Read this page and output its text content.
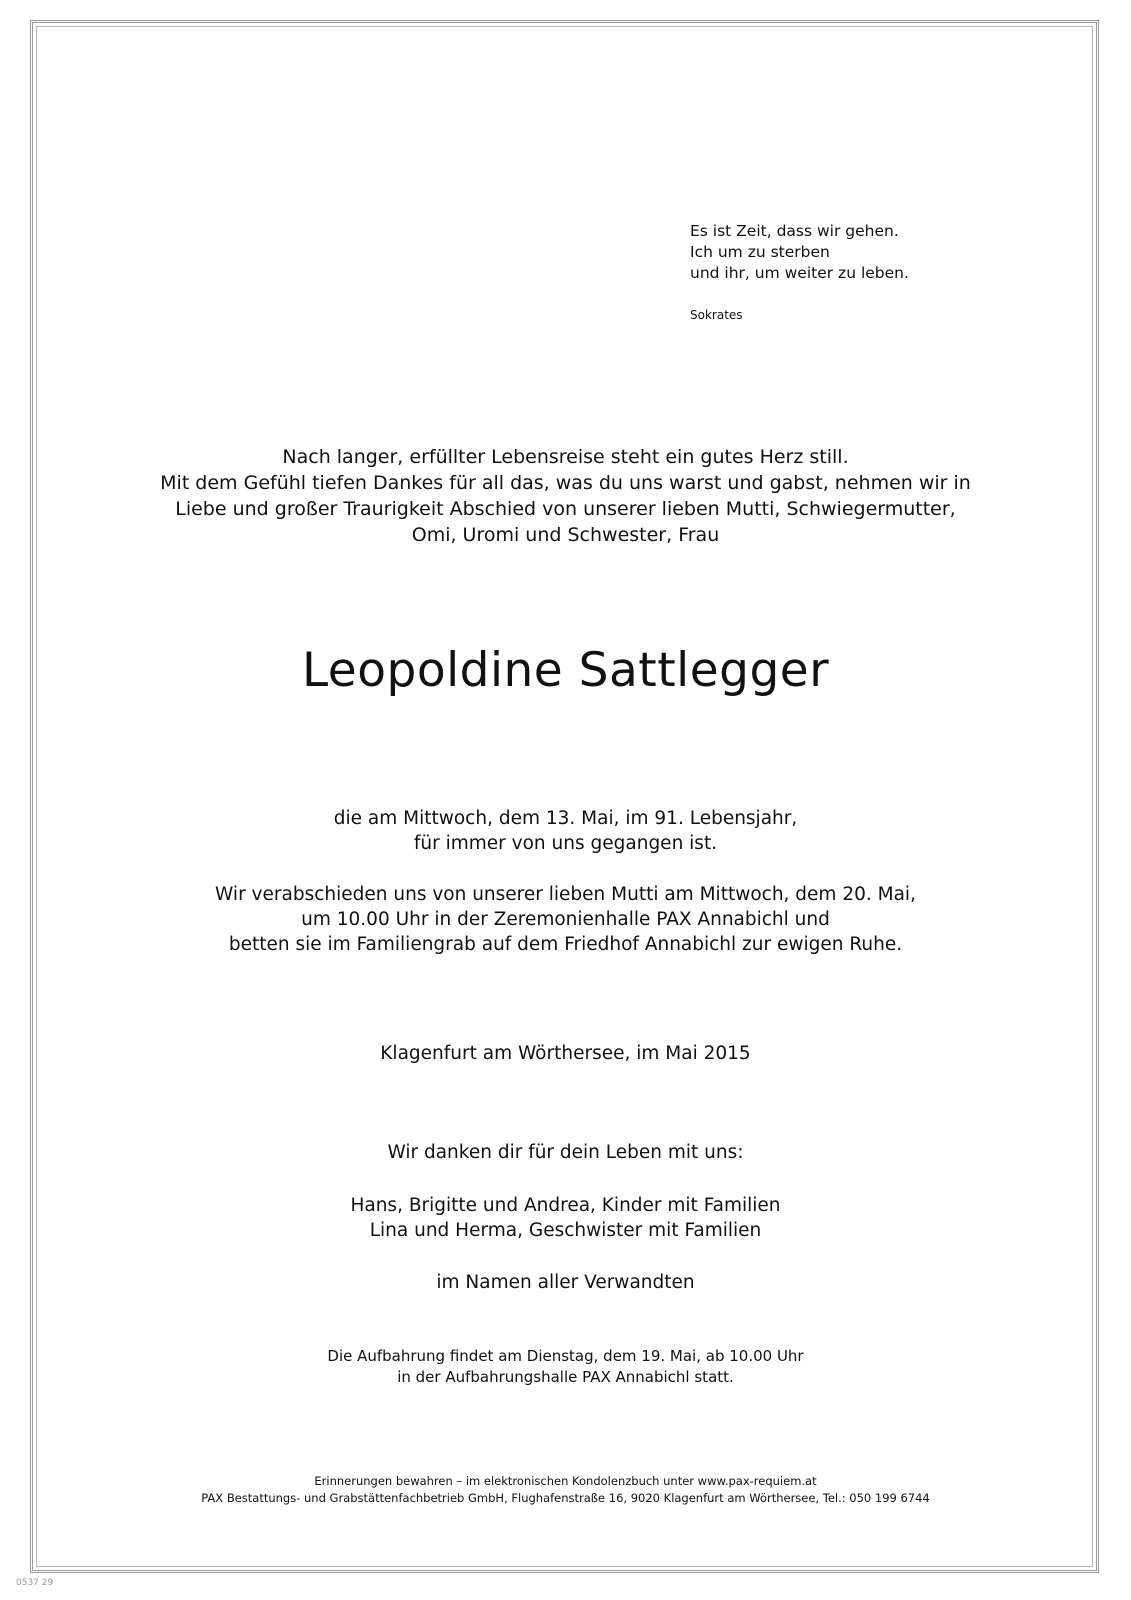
Es ist Zeit, dass wir gehen.
Ich um zu sterben
und ihr, um weiter zu leben.
Sokrates
Nach langer, erfüllter Lebensreise steht ein gutes Herz still.
Mit dem Gefühl tiefen Dankes für all das, was du uns warst und gabst, nehmen wir in
Liebe und großer Traurigkeit Abschied von unserer lieben Mutti, Schwiegermutter,
Omi, Uromi und Schwester, Frau
Leopoldine Sattlegger
die am Mittwoch, dem 13. Mai, im 91. Lebensjahr,
für immer von uns gegangen ist.
Wir verabschieden uns von unserer lieben Mutti am Mittwoch, dem 20. Mai,
um 10.00 Uhr in der Zeremonienhalle PAX Annabichl und
betten sie im Familiengrab auf dem Friedhof Annabichl zur ewigen Ruhe.
Klagenfurt am Wörthersee, im Mai 2015
Wir danken dir für dein Leben mit uns:
Hans, Brigitte und Andrea, Kinder mit Familien
Lina und Herma, Geschwister mit Familien
im Namen aller Verwandten
Die Aufbahrung findet am Dienstag, dem 19. Mai, ab 10.00 Uhr
in der Aufbahrungshalle PAX Annabichl statt.
Erinnerungen bewahren – im elektronischen Kondolenzbuch unter www.pax-requiem.at
PAX Bestattungs- und Grabstättenfachbetrieb GmbH, Flughafenstraße 16, 9020 Klagenfurt am Wörthersee, Tel.: 050 199 6744
0537 29
